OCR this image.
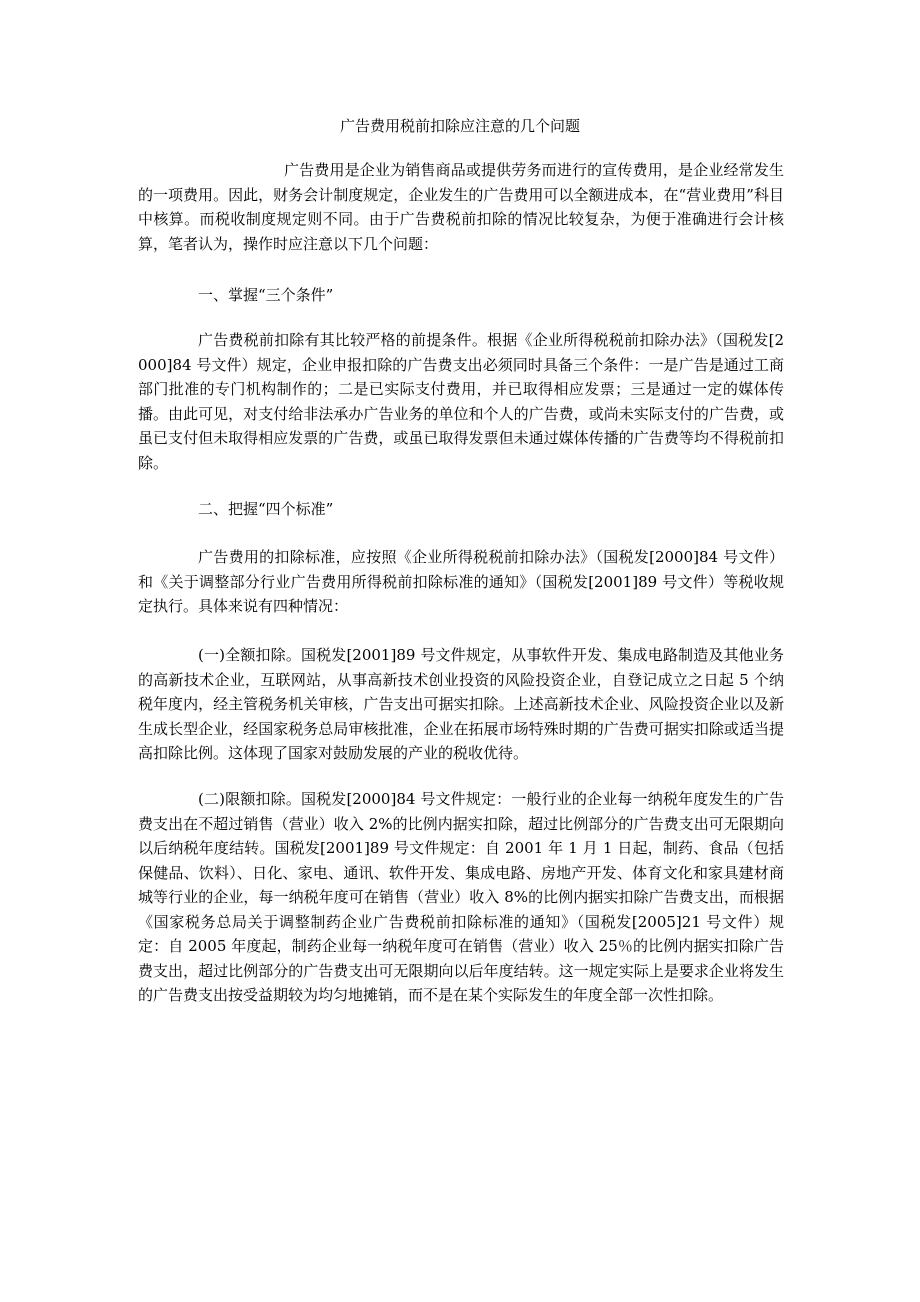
广告费用税前扣除应注意的几个问题

广告费用是企业为销售商品或提供劳务而进行的宣传费用，是企业经常发生的一项费用。因此，财务会计制度规定，企业发生的广告费用可以全额进成本，在“营业费用”科目中核算。而税收制度规定则不同。由于广告费税前扣除的情况比较复杂，为便于准确进行会计核算，笔者认为，操作时应注意以下几个问题：

一、掌握“三个条件”

广告费税前扣除有其比较严格的前提条件。根据《企业所得税税前扣除办法》（国税发[2000]84 号文件）规定，企业申报扣除的广告费支出必须同时具备三个条件：一是广告是通过工商部门批准的专门机构制作的；二是已实际支付费用，并已取得相应发票；三是通过一定的媒体传播。由此可见，对支付给非法承办广告业务的单位和个人的广告费，或尚未实际支付的广告费，或虽已支付但未取得相应发票的广告费，或虽已取得发票但未通过媒体传播的广告费等均不得税前扣除。

二、把握“四个标准”

广告费用的扣除标准，应按照《企业所得税税前扣除办法》（国税发[2000]84 号文件）和《关于调整部分行业广告费用所得税前扣除标准的通知》（国税发[2001]89 号文件）等税收规定执行。具体来说有四种情况：

(一)全额扣除。国税发[2001]89 号文件规定，从事软件开发、集成电路制造及其他业务的高新技术企业，互联网站，从事高新技术创业投资的风险投资企业，自登记成立之日起 5 个纳税年度内，经主管税务机关审核，广告支出可据实扣除。上述高新技术企业、风险投资企业以及新生成长型企业，经国家税务总局审核批准，企业在拓展市场特殊时期的广告费可据实扣除或适当提高扣除比例。这体现了国家对鼓励发展的产业的税收优待。

(二)限额扣除。国税发[2000]84 号文件规定：一般行业的企业每一纳税年度发生的广告费支出在不超过销售（营业）收入 2%的比例内据实扣除，超过比例部分的广告费支出可无限期向以后纳税年度结转。国税发[2001]89 号文件规定：自 2001 年 1 月 1 日起，制药、食品（包括保健品、饮料）、日化、家电、通讯、软件开发、集成电路、房地产开发、体育文化和家具建材商城等行业的企业，每一纳税年度可在销售（营业）收入 8%的比例内据实扣除广告费支出，而根据《国家税务总局关于调整制药企业广告费税前扣除标准的通知》（国税发[2005]21 号文件）规定：自 2005 年度起，制药企业每一纳税年度可在销售（营业）收入 25％的比例内据实扣除广告费支出，超过比例部分的广告费支出可无限期向以后年度结转。这一规定实际上是要求企业将发生的广告费支出按受益期较为均匀地摊销，而不是在某个实际发生的年度全部一次性扣除。
